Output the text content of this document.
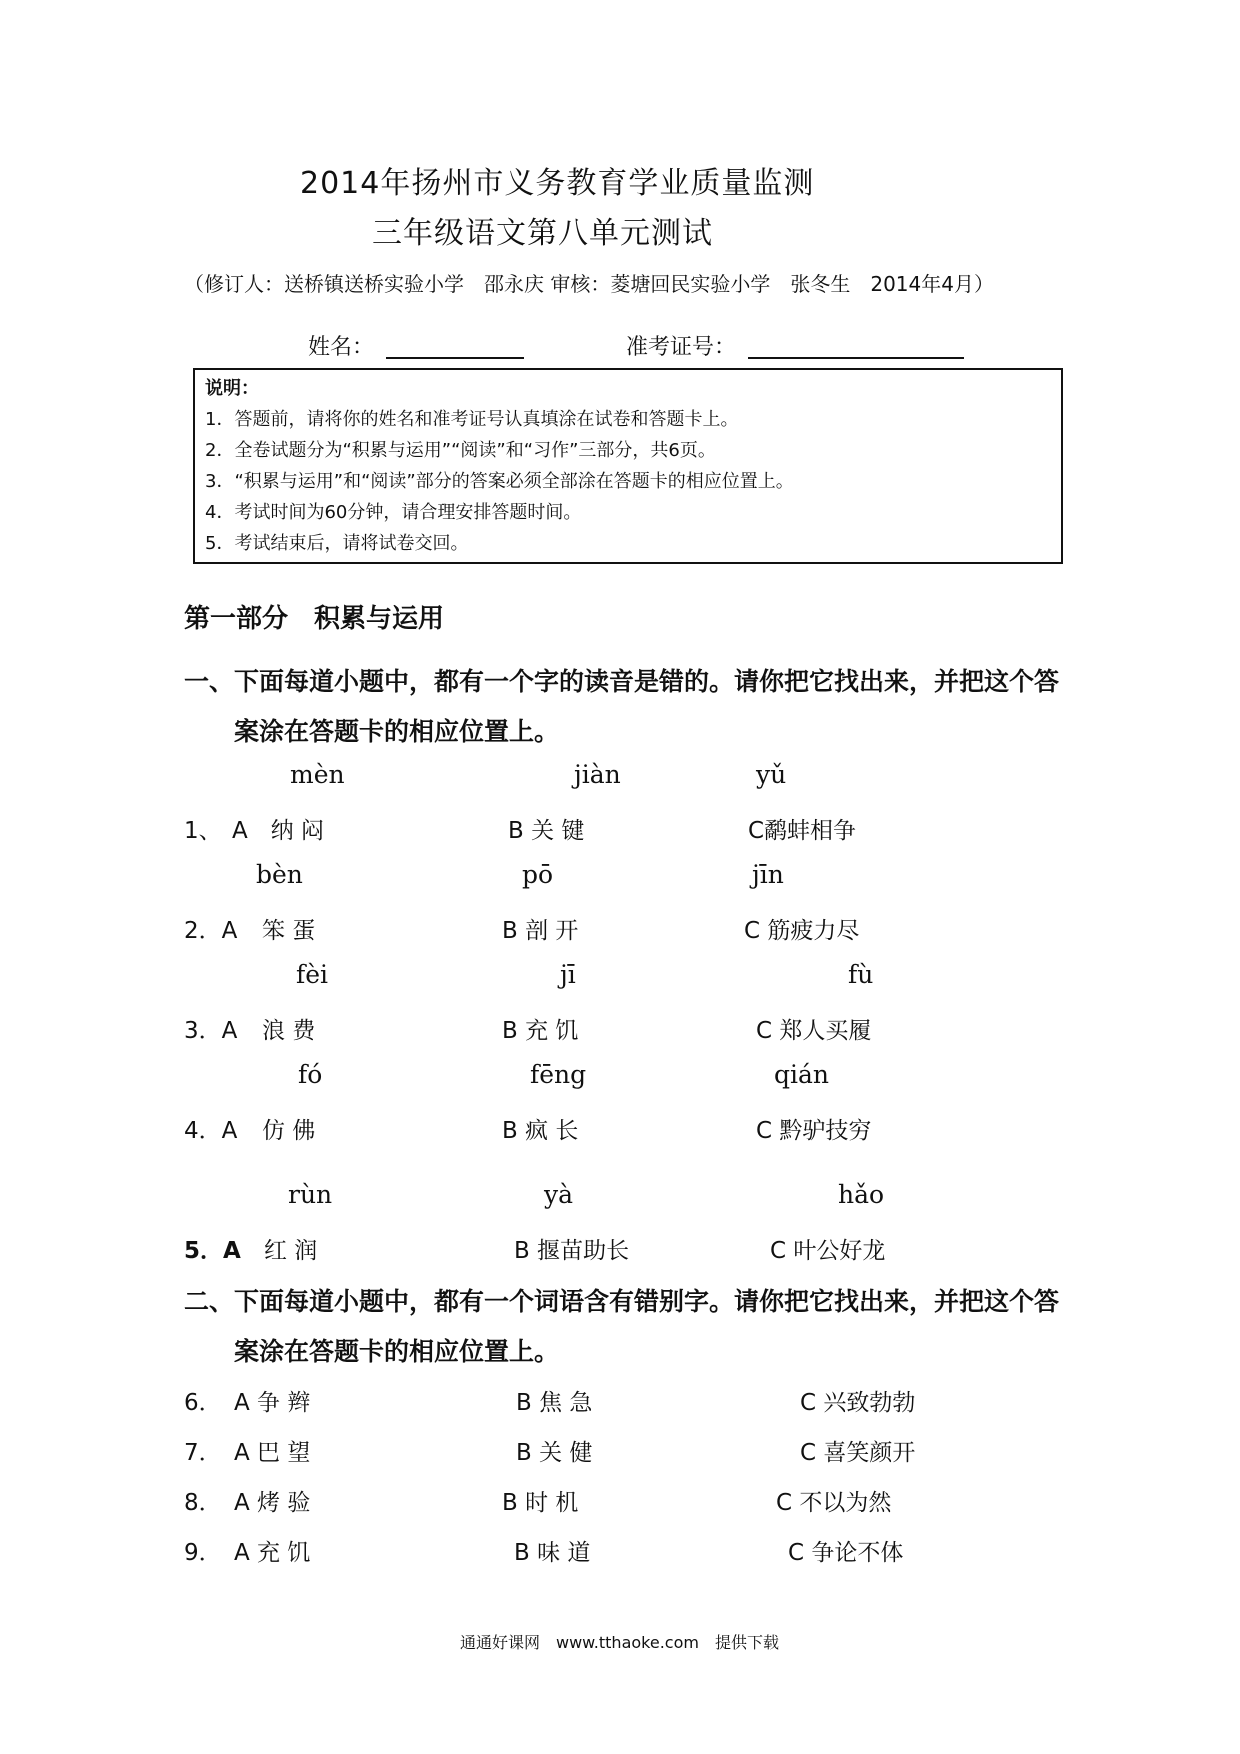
2014年扬州市义务教育学业质量监测
三年级语文第八单元测试
（修订人：送桥镇送桥实验小学　邵永庆 审核：菱塘回民实验小学　张冬生　2014年4月）
姓名：	准考证号：
说明：
1．答题前，请将你的姓名和准考证号认真填涂在试卷和答题卡上。
2．全卷试题分为“积累与运用”“阅读”和“习作”三部分，共6页。
3．“积累与运用”和“阅读”部分的答案必须全部涂在答题卡的相应位置上。
4．考试时间为60分钟，请合理安排答题时间。
5．考试结束后，请将试卷交回。
第一部分　积累与运用
一、下面每道小题中，都有一个字的读音是错的。请你把它找出来，并把这个答
案涂在答题卡的相应位置上。
mèn	jiàn	yǔ
1、 A　纳 闷	B 关 键	C鹬蚌相争
bèn	pō	jīn
2．A 笨 蛋	B 剖 开	C 筋疲力尽
fèi	jī	fù
3．A 浪 费	B 充 饥	C 郑人买履
fó	fēng	qián
4．A 仿 佛	B 疯 长	C 黔驴技穷
rùn	yà	hǎo
5．A 红 润	B 揠苗助长	C 叶公好龙
二、下面每道小题中，都有一个词语含有错别字。请你把它找出来，并把这个答
案涂在答题卡的相应位置上。
6． A 争 辫	B 焦 急	C 兴致勃勃
7． A 巴 望	B 关 健	C 喜笑颜开
8． A 烤 验	B 时 机	C 不以为然
9． A 充 饥	B 味 道	C 争论不体
通通好课网　www.tthaoke.com　提供下载
